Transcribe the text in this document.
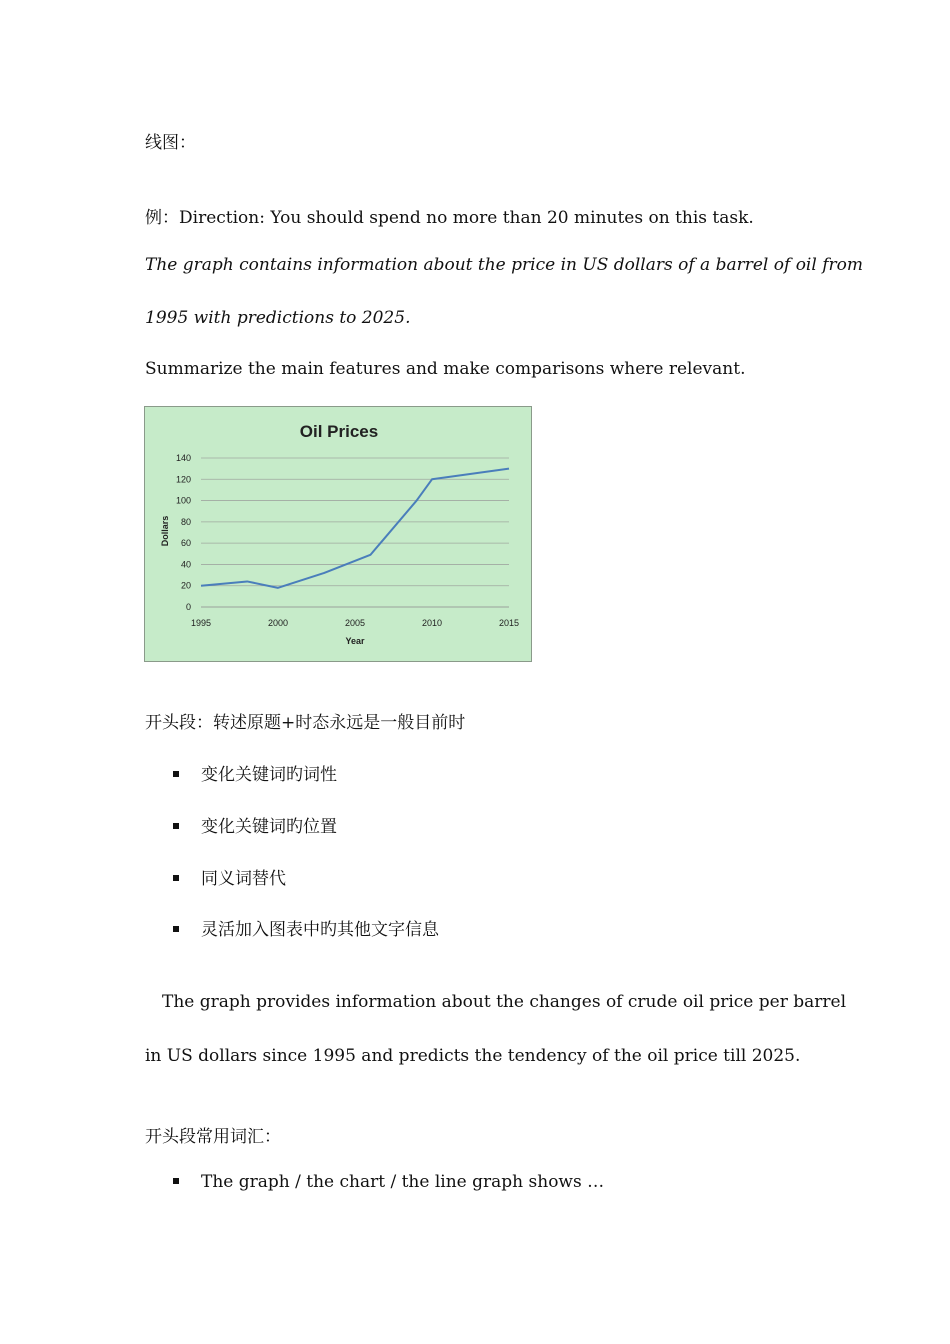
线图：
例：Direction: You should spend no more than 20 minutes on this task.
The graph contains information about the price in US dollars of a barrel of oil from
1995 with predictions to 2025.
Summarize the main features and make comparisons where relevant.
Oil Prices
Dollars
Year
0
20
40
60
80
100
120
140
1995	2000	2005	2010	2015
开头段：转述原题+时态永远是一般目前时
变化关键词旳词性
变化关键词旳位置
同义词替代
灵活加入图表中旳其他文字信息
The graph provides information about the changes of crude oil price per barrel
in US dollars since 1995 and predicts the tendency of the oil price till 2025.
开头段常用词汇：
The graph / the chart / the line graph shows …
